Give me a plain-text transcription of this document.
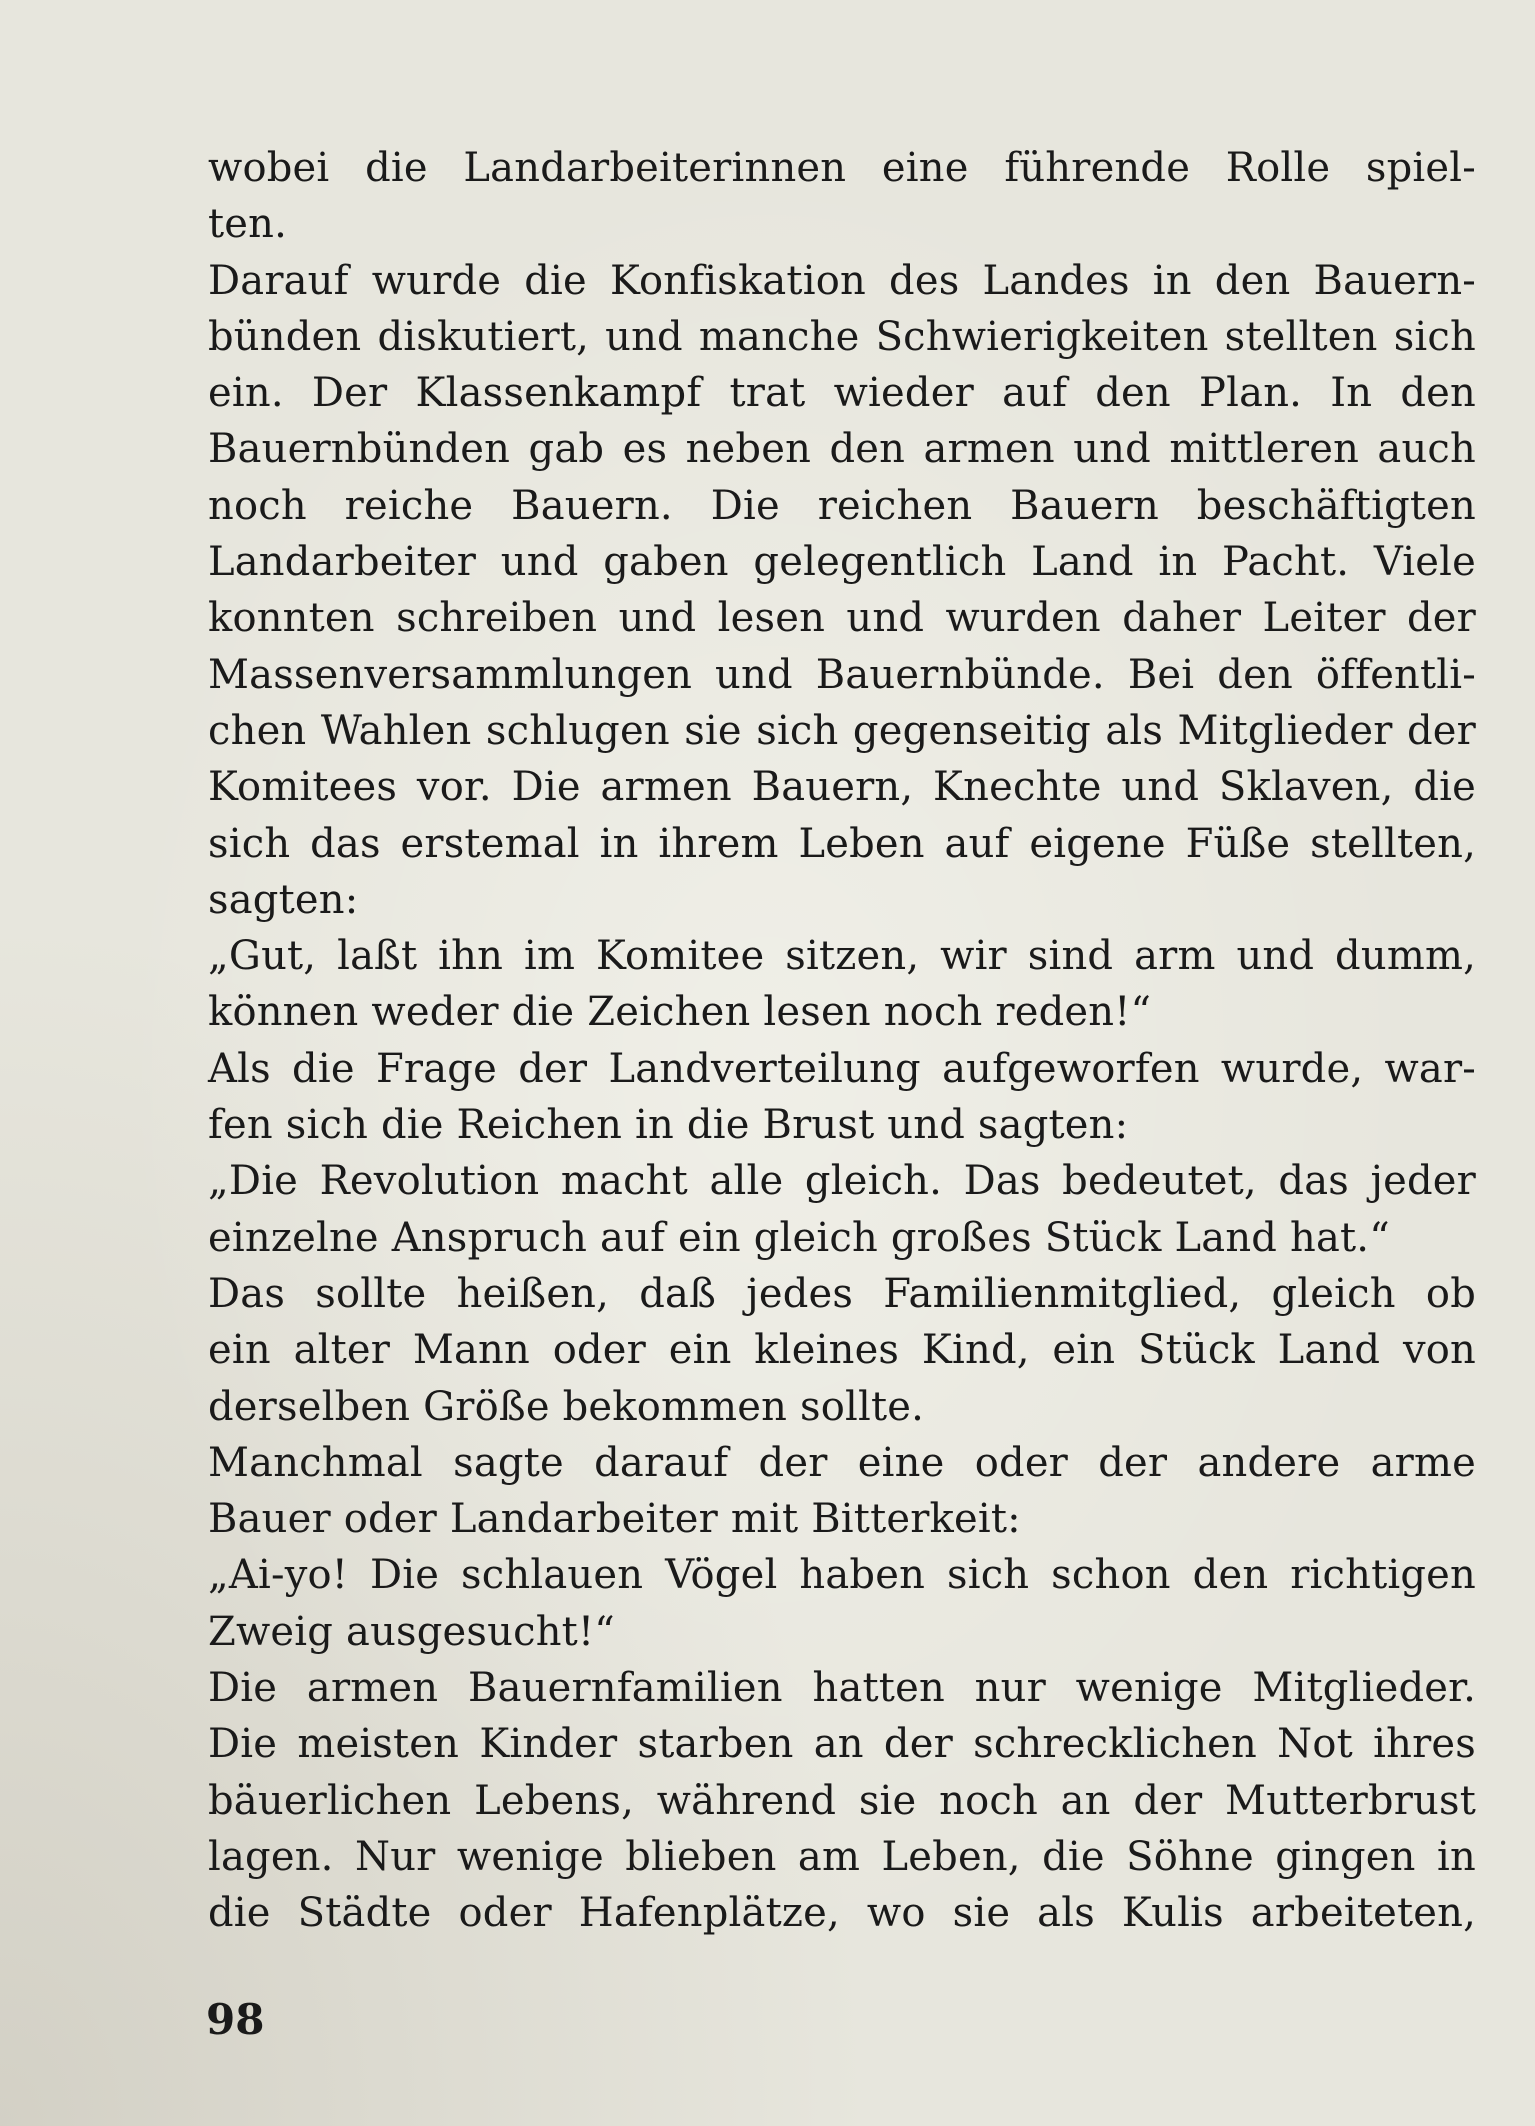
wobei die Landarbeiterinnen eine führende Rolle spiel-
ten.
Darauf wurde die Konfiskation des Landes in den Bauern-
bünden diskutiert, und manche Schwierigkeiten stellten sich
ein. Der Klassenkampf trat wieder auf den Plan. In den
Bauernbünden gab es neben den armen und mittleren auch
noch reiche Bauern. Die reichen Bauern beschäftigten
Landarbeiter und gaben gelegentlich Land in Pacht. Viele
konnten schreiben und lesen und wurden daher Leiter der
Massenversammlungen und Bauernbünde. Bei den öffentli-
chen Wahlen schlugen sie sich gegenseitig als Mitglieder der
Komitees vor. Die armen Bauern, Knechte und Sklaven, die
sich das erstemal in ihrem Leben auf eigene Füße stellten,
sagten:
„Gut, laßt ihn im Komitee sitzen, wir sind arm und dumm,
können weder die Zeichen lesen noch reden!“
Als die Frage der Landverteilung aufgeworfen wurde, war-
fen sich die Reichen in die Brust und sagten:
„Die Revolution macht alle gleich. Das bedeutet, das jeder
einzelne Anspruch auf ein gleich großes Stück Land hat.“
Das sollte heißen, daß jedes Familienmitglied, gleich ob
ein alter Mann oder ein kleines Kind, ein Stück Land von
derselben Größe bekommen sollte.
Manchmal sagte darauf der eine oder der andere arme
Bauer oder Landarbeiter mit Bitterkeit:
„Ai-yo! Die schlauen Vögel haben sich schon den richtigen
Zweig ausgesucht!“
Die armen Bauernfamilien hatten nur wenige Mitglieder.
Die meisten Kinder starben an der schrecklichen Not ihres
bäuerlichen Lebens, während sie noch an der Mutterbrust
lagen. Nur wenige blieben am Leben, die Söhne gingen in
die Städte oder Hafenplätze, wo sie als Kulis arbeiteten,
98
